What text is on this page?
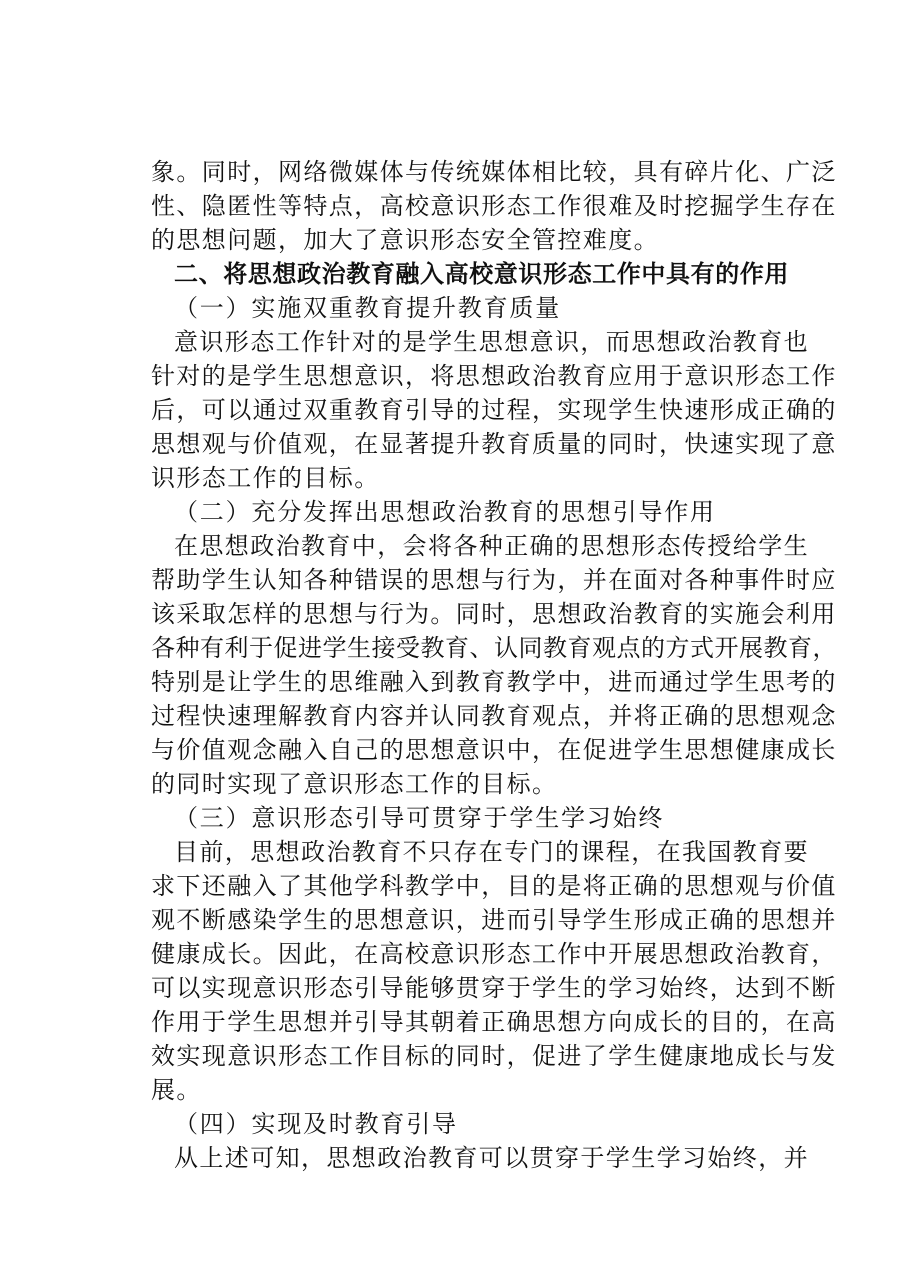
象。同时，网络微媒体与传统媒体相比较，具有碎片化、广泛
性、隐匿性等特点，高校意识形态工作很难及时挖掘学生存在
的思想问题，加大了意识形态安全管控难度。
二、将思想政治教育融入高校意识形态工作中具有的作用
（一）实施双重教育提升教育质量
意识形态工作针对的是学生思想意识，而思想政治教育也
针对的是学生思想意识，将思想政治教育应用于意识形态工作
后，可以通过双重教育引导的过程，实现学生快速形成正确的
思想观与价值观，在显著提升教育质量的同时，快速实现了意
识形态工作的目标。
（二）充分发挥出思想政治教育的思想引导作用
在思想政治教育中，会将各种正确的思想形态传授给学生
帮助学生认知各种错误的思想与行为，并在面对各种事件时应
该采取怎样的思想与行为。同时，思想政治教育的实施会利用
各种有利于促进学生接受教育、认同教育观点的方式开展教育，
特别是让学生的思维融入到教育教学中，进而通过学生思考的
过程快速理解教育内容并认同教育观点，并将正确的思想观念
与价值观念融入自己的思想意识中，在促进学生思想健康成长
的同时实现了意识形态工作的目标。
（三）意识形态引导可贯穿于学生学习始终
目前，思想政治教育不只存在专门的课程，在我国教育要
求下还融入了其他学科教学中，目的是将正确的思想观与价值
观不断感染学生的思想意识，进而引导学生形成正确的思想并
健康成长。因此，在高校意识形态工作中开展思想政治教育，
可以实现意识形态引导能够贯穿于学生的学习始终，达到不断
作用于学生思想并引导其朝着正确思想方向成长的目的，在高
效实现意识形态工作目标的同时，促进了学生健康地成长与发
展。
（四）实现及时教育引导
从上述可知，思想政治教育可以贯穿于学生学习始终，并
